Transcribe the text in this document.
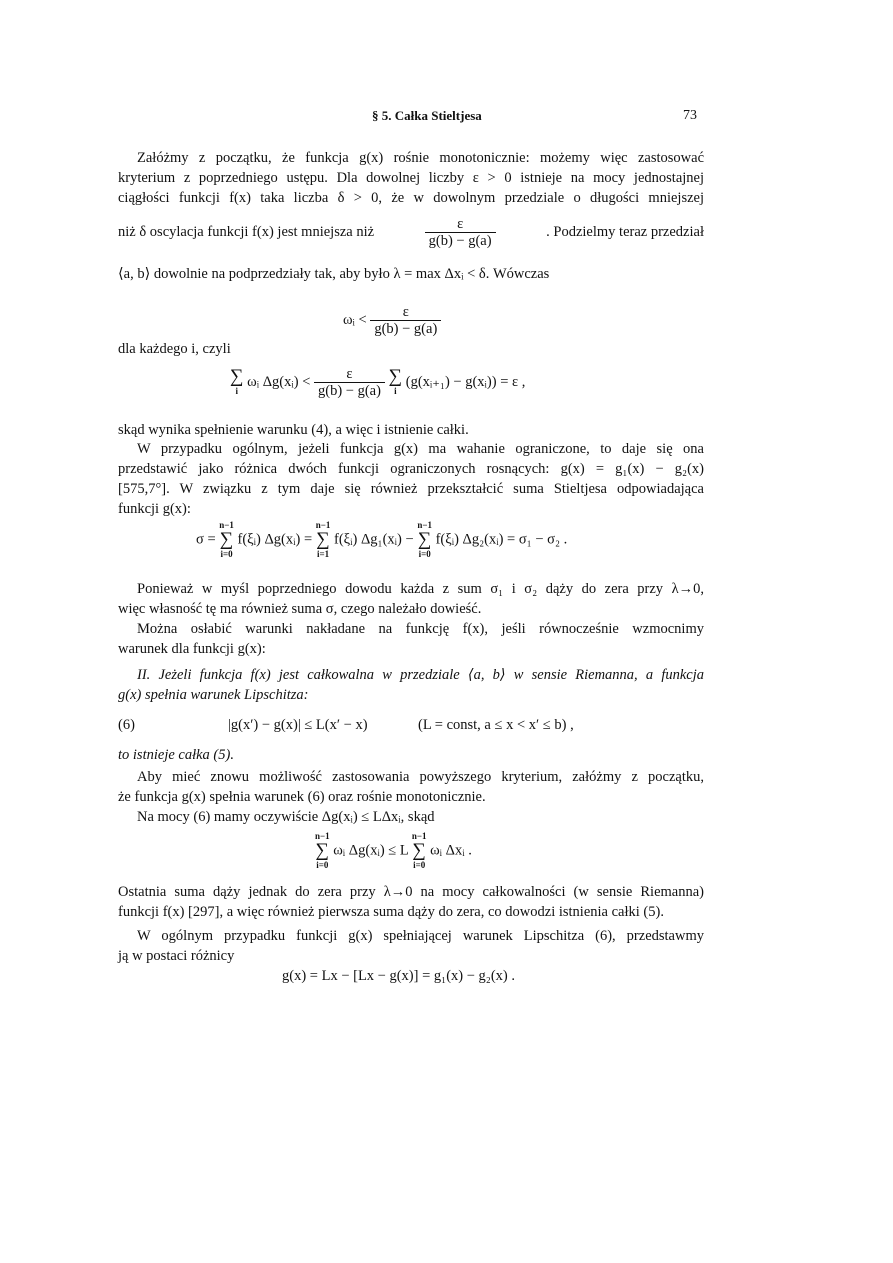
§ 5. Całka Stieltjesa	73
Załóżmy z początku, że funkcja g(x) rośnie monotonicznie: możemy więc zastosować
kryterium z poprzedniego ustępu. Dla dowolnej liczby ε > 0 istnieje na mocy jednostajnej
ciągłości funkcji f(x) taka liczba δ > 0, że w dowolnym przedziale o długości mniejszej
niż δ oscylacja funkcji f(x) jest mniejsza niż	$\frac{\varepsilon}{g(b) - g(a)}$	. Podzielmy teraz przedział
⟨a, b⟩ dowolnie na podprzedziały tak, aby było λ = max Δxᵢ < δ. Wówczas
ωᵢ < $\frac{\varepsilon}{g(b) - g(a)}$
dla każdego i, czyli
∑
i
ωᵢ Δg(xᵢ) < $\frac{\varepsilon}{g(b) - g(a)}$
∑
i
(g(xᵢ₊₁) − g(xᵢ)) = ε ,
skąd wynika spełnienie warunku (4), a więc i istnienie całki.
W przypadku ogólnym, jeżeli funkcja g(x) ma wahanie ograniczone, to daje się ona
przedstawić jako różnica dwóch funkcji ograniczonych rosnących: g(x) = g₁(x) − g₂(x)
[575,7°]. W związku z tym daje się również przekształcić suma Stieltjesa odpowiadająca
funkcji g(x):
σ =
n−1
∑
i=0
f(ξᵢ) Δg(xᵢ) =
n−1
∑
i=1
f(ξᵢ) Δg₁(xᵢ) −
n−1
∑
i=0
f(ξᵢ) Δg₂(xᵢ) = σ₁ − σ₂ .
Ponieważ w myśl poprzedniego dowodu każda z sum σ₁ i σ₂ dąży do zera przy λ→0,
więc własność tę ma również suma σ, czego należało dowieść.
Można osłabić warunki nakładane na funkcję f(x), jeśli równocześnie wzmocnimy
warunek dla funkcji g(x):
II. Jeżeli funkcja f(x) jest całkowalna w przedziale ⟨a, b⟩ w sensie Riemanna, a funkcja
g(x) spełnia warunek Lipschitza:
(6)	|g(x′) − g(x)| ≤ L(x′ − x)	(L = const, a ≤ x < x′ ≤ b) ,
to istnieje całka (5).
Aby mieć znowu możliwość zastosowania powyższego kryterium, załóżmy z początku,
że funkcja g(x) spełnia warunek (6) oraz rośnie monotonicznie.
Na mocy (6) mamy oczywiście Δg(xᵢ) ≤ LΔxᵢ, skąd
n−1
∑
i=0
ωᵢ Δg(xᵢ) ≤ L
n−1
∑
i=0
ωᵢ Δxᵢ .
Ostatnia suma dąży jednak do zera przy λ→0 na mocy całkowalności (w sensie Riemanna)
funkcji f(x) [297], a więc również pierwsza suma dąży do zera, co dowodzi istnienia całki (5).
W ogólnym przypadku funkcji g(x) spełniającej warunek Lipschitza (6), przedstawmy
ją w postaci różnicy
g(x) = Lx − [Lx − g(x)] = g₁(x) − g₂(x) .
